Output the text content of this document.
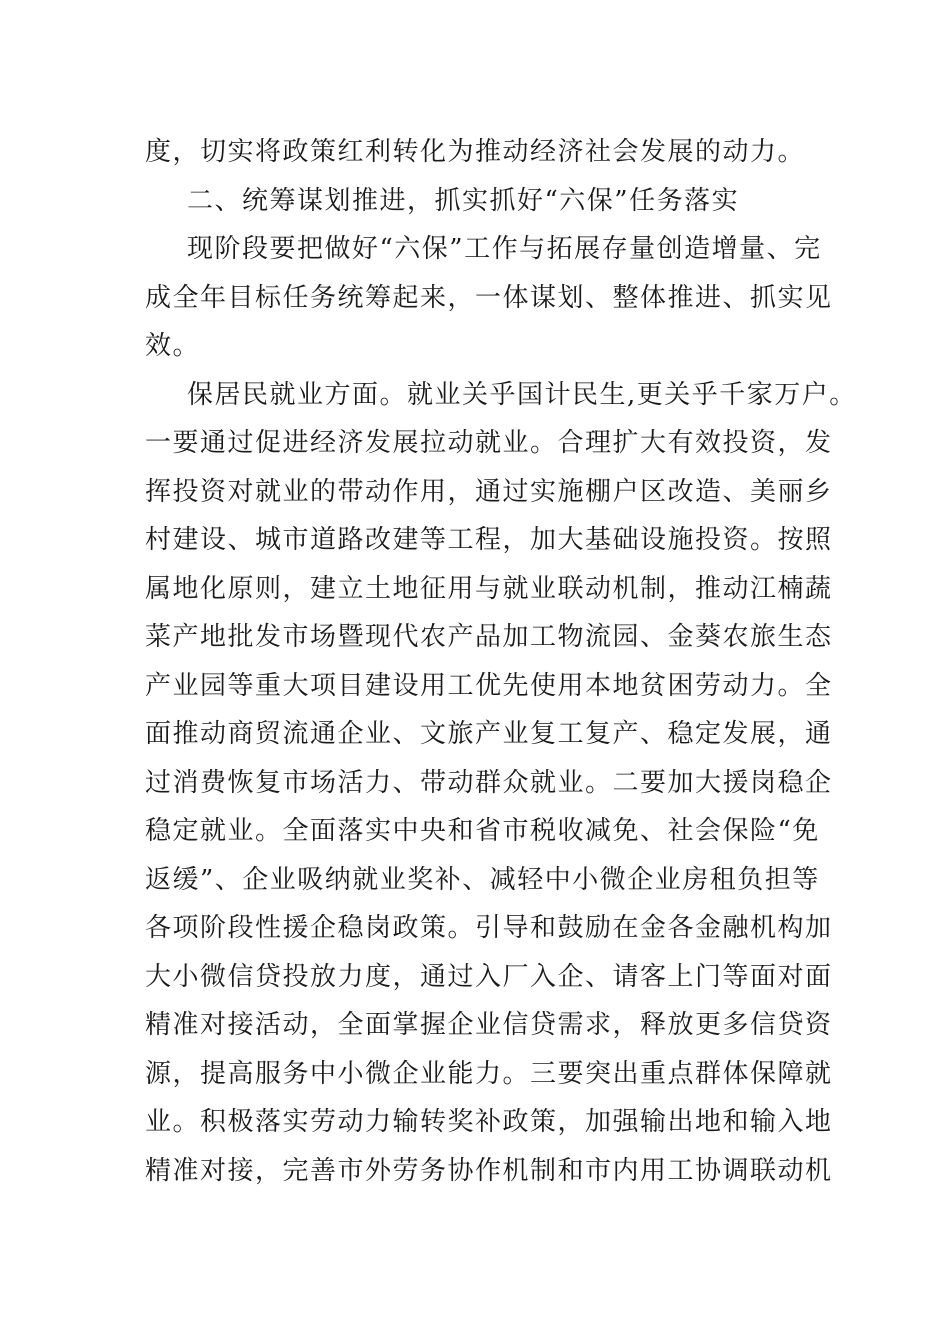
度，切实将政策红利转化为推动经济社会发展的动力。
二、统筹谋划推进，抓实抓好“六保”任务落实
现阶段要把做好“六保”工作与拓展存量创造增量、完
成全年目标任务统筹起来，一体谋划、整体推进、抓实见
效。
保居民就业方面。就业关乎国计民生,更关乎千家万户。
一要通过促进经济发展拉动就业。合理扩大有效投资，发
挥投资对就业的带动作用，通过实施棚户区改造、美丽乡
村建设、城市道路改建等工程，加大基础设施投资。按照
属地化原则，建立土地征用与就业联动机制，推动江楠蔬
菜产地批发市场暨现代农产品加工物流园、金葵农旅生态
产业园等重大项目建设用工优先使用本地贫困劳动力。全
面推动商贸流通企业、文旅产业复工复产、稳定发展，通
过消费恢复市场活力、带动群众就业。二要加大援岗稳企
稳定就业。全面落实中央和省市税收减免、社会保险“免
返缓”、企业吸纳就业奖补、减轻中小微企业房租负担等
各项阶段性援企稳岗政策。引导和鼓励在金各金融机构加
大小微信贷投放力度，通过入厂入企、请客上门等面对面
精准对接活动，全面掌握企业信贷需求，释放更多信贷资
源，提高服务中小微企业能力。三要突出重点群体保障就
业。积极落实劳动力输转奖补政策，加强输出地和输入地
精准对接，完善市外劳务协作机制和市内用工协调联动机
